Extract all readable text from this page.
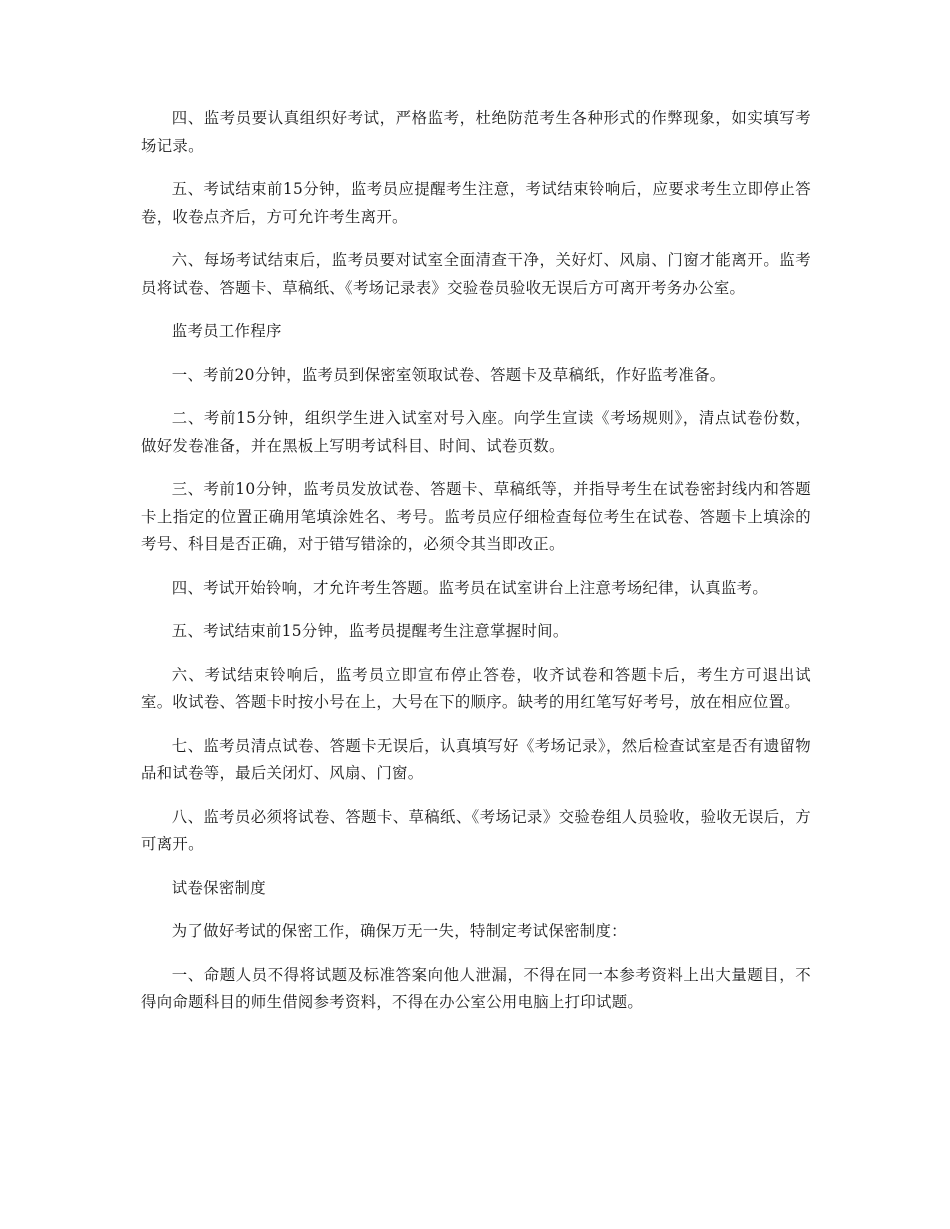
四、监考员要认真组织好考试，严格监考，杜绝防范考生各种形式的作弊现象，如实填写考场记录。

五、考试结束前15分钟，监考员应提醒考生注意，考试结束铃响后，应要求考生立即停止答卷，收卷点齐后，方可允许考生离开。

六、每场考试结束后，监考员要对试室全面清查干净，关好灯、风扇、门窗才能离开。监考员将试卷、答题卡、草稿纸、《考场记录表》交验卷员验收无误后方可离开考务办公室。

监考员工作程序

一、考前20分钟，监考员到保密室领取试卷、答题卡及草稿纸，作好监考准备。

二、考前15分钟，组织学生进入试室对号入座。向学生宣读《考场规则》，清点试卷份数，做好发卷准备，并在黑板上写明考试科目、时间、试卷页数。

三、考前10分钟，监考员发放试卷、答题卡、草稿纸等，并指导考生在试卷密封线内和答题卡上指定的位置正确用笔填涂姓名、考号。监考员应仔细检查每位考生在试卷、答题卡上填涂的考号、科目是否正确，对于错写错涂的，必须令其当即改正。

四、考试开始铃响，才允许考生答题。监考员在试室讲台上注意考场纪律，认真监考。

五、考试结束前15分钟，监考员提醒考生注意掌握时间。

六、考试结束铃响后，监考员立即宣布停止答卷，收齐试卷和答题卡后，考生方可退出试室。收试卷、答题卡时按小号在上，大号在下的顺序。缺考的用红笔写好考号，放在相应位置。

七、监考员清点试卷、答题卡无误后，认真填写好《考场记录》，然后检查试室是否有遗留物品和试卷等，最后关闭灯、风扇、门窗。

八、监考员必须将试卷、答题卡、草稿纸、《考场记录》交验卷组人员验收，验收无误后，方可离开。

试卷保密制度

为了做好考试的保密工作，确保万无一失，特制定考试保密制度：

一、命题人员不得将试题及标准答案向他人泄漏，不得在同一本参考资料上出大量题目，不得向命题科目的师生借阅参考资料，不得在办公室公用电脑上打印试题。
